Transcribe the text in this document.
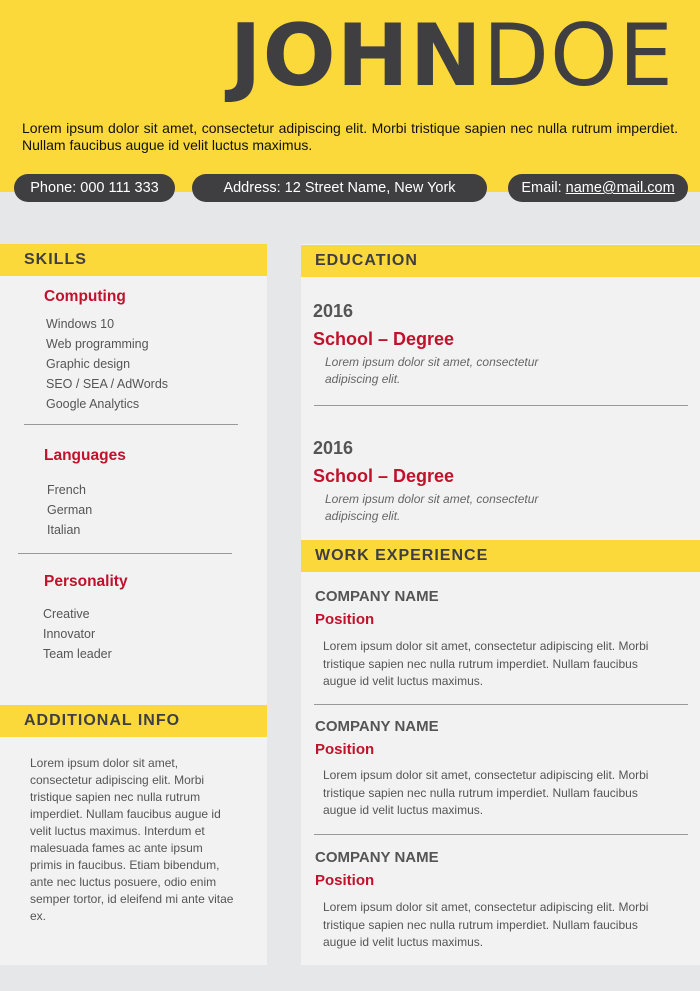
JOHNDOE

Lorem ipsum dolor sit amet, consectetur adipiscing elit. Morbi tristique sapien nec nulla rutrum imperdiet. Nullam faucibus augue id velit luctus maximus.

Phone: 000 111 333	Address: 12 Street Name, New York	Email: name@mail.com
SKILLS
Computing
Windows 10
Web programming
Graphic design
SEO / SEA / AdWords
Google Analytics
Languages
French
German
Italian
Personality
Creative
Innovator
Team leader
ADDITIONAL INFO

Lorem ipsum dolor sit amet, consectetur adipiscing elit. Morbi tristique sapien nec nulla rutrum imperdiet. Nullam faucibus augue id velit luctus maximus. Interdum et malesuada fames ac ante ipsum primis in faucibus. Etiam bibendum, ante nec luctus posuere, odio enim semper tortor, id eleifend mi ante vitae ex.

EDUCATION
2016
School – Degree

Lorem ipsum dolor sit amet, consectetur adipiscing elit.

2016
School – Degree

Lorem ipsum dolor sit amet, consectetur adipiscing elit.

WORK EXPERIENCE
COMPANY NAME
Position

Lorem ipsum dolor sit amet, consectetur adipiscing elit. Morbi tristique sapien nec nulla rutrum imperdiet. Nullam faucibus augue id velit luctus maximus.

COMPANY NAME
Position

Lorem ipsum dolor sit amet, consectetur adipiscing elit. Morbi tristique sapien nec nulla rutrum imperdiet. Nullam faucibus augue id velit luctus maximus.

COMPANY NAME
Position

Lorem ipsum dolor sit amet, consectetur adipiscing elit. Morbi tristique sapien nec nulla rutrum imperdiet. Nullam faucibus augue id velit luctus maximus.
